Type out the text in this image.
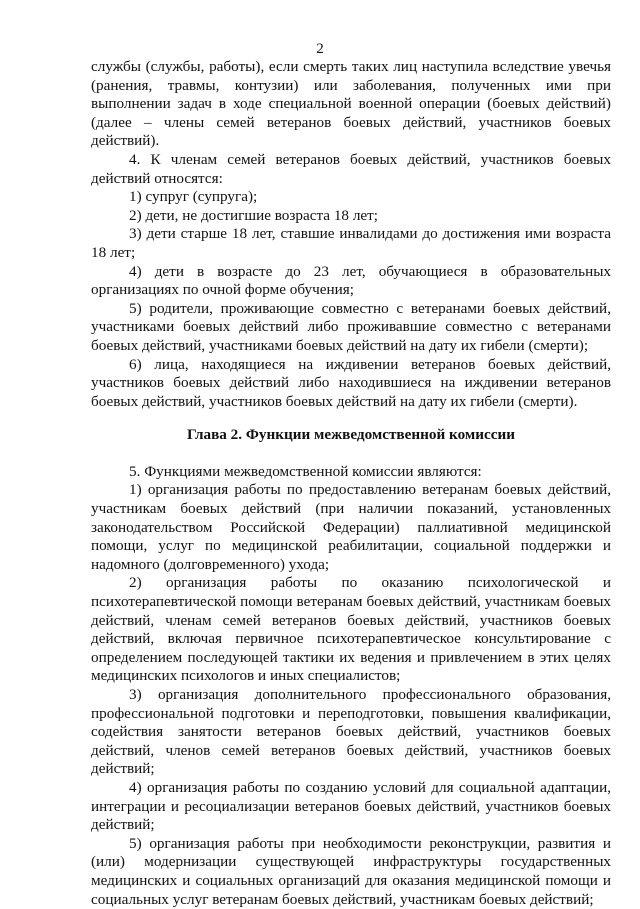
2

службы (службы, работы), если смерть таких лиц наступила вследствие увечья (ранения, травмы, контузии) или заболевания, полученных ими при выполнении задач в ходе специальной военной операции (боевых действий) (далее – члены семей ветеранов боевых действий, участников боевых действий).

4. К членам семей ветеранов боевых действий, участников боевых действий относятся:

1) супруг (супруга);

2) дети, не достигшие возраста 18 лет;

3) дети старше 18 лет, ставшие инвалидами до достижения ими возраста 18 лет;

4) дети в возрасте до 23 лет, обучающиеся в образовательных организациях по очной форме обучения;

5) родители, проживающие совместно с ветеранами боевых действий, участниками боевых действий либо проживавшие совместно с ветеранами боевых действий, участниками боевых действий на дату их гибели (смерти);

6) лица, находящиеся на иждивении ветеранов боевых действий, участников боевых действий либо находившиеся на иждивении ветеранов боевых действий, участников боевых действий на дату их гибели (смерти).

Глава 2. Функции межведомственной комиссии

5. Функциями межведомственной комиссии являются:

1) организация работы по предоставлению ветеранам боевых действий, участникам боевых действий (при наличии показаний, установленных законодательством Российской Федерации) паллиативной медицинской помощи, услуг по медицинской реабилитации, социальной поддержки и надомного (долговременного) ухода;

2) организация работы по оказанию психологической и психотерапевтической помощи ветеранам боевых действий, участникам боевых действий, членам семей ветеранов боевых действий, участников боевых действий, включая первичное психотерапевтическое консультирование с определением последующей тактики их ведения и привлечением в этих целях медицинских психологов и иных специалистов;

3) организация дополнительного профессионального образования, профессиональной подготовки и переподготовки, повышения квалификации, содействия занятости ветеранов боевых действий, участников боевых действий, членов семей ветеранов боевых действий, участников боевых действий;

4) организация работы по созданию условий для социальной адаптации, интеграции и ресоциализации ветеранов боевых действий, участников боевых действий;

5) организация работы при необходимости реконструкции, развития и (или) модернизации существующей инфраструктуры государственных медицинских и социальных организаций для оказания медицинской помощи и социальных услуг ветеранам боевых действий, участникам боевых действий;
